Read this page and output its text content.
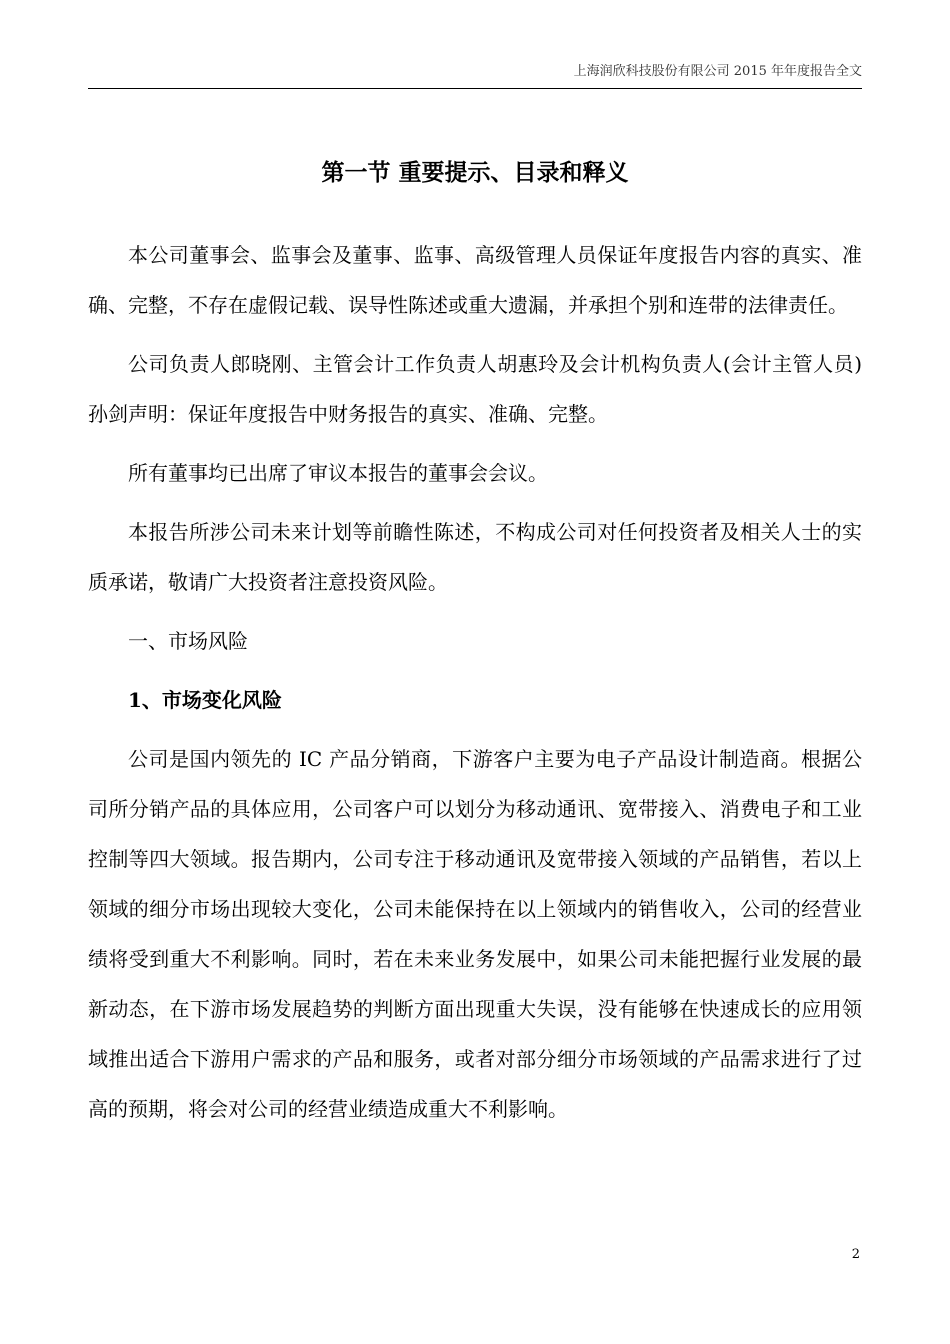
上海润欣科技股份有限公司 2015 年年度报告全文
第一节 重要提示、目录和释义

本公司董事会、监事会及董事、监事、高级管理人员保证年度报告内容的真实、准确、完整，不存在虚假记载、误导性陈述或重大遗漏，并承担个别和连带的法律责任。

公司负责人郎晓刚、主管会计工作负责人胡惠玲及会计机构负责人(会计主管人员)孙剑声明：保证年度报告中财务报告的真实、准确、完整。

所有董事均已出席了审议本报告的董事会会议。

本报告所涉公司未来计划等前瞻性陈述，不构成公司对任何投资者及相关人士的实质承诺，敬请广大投资者注意投资风险。

一、市场风险

1、市场变化风险

公司是国内领先的 IC 产品分销商，下游客户主要为电子产品设计制造商。根据公司所分销产品的具体应用，公司客户可以划分为移动通讯、宽带接入、消费电子和工业控制等四大领域。报告期内，公司专注于移动通讯及宽带接入领域的产品销售，若以上领域的细分市场出现较大变化，公司未能保持在以上领域内的销售收入，公司的经营业绩将受到重大不利影响。同时，若在未来业务发展中，如果公司未能把握行业发展的最新动态，在下游市场发展趋势的判断方面出现重大失误，没有能够在快速成长的应用领域推出适合下游用户需求的产品和服务，或者对部分细分市场领域的产品需求进行了过高的预期，将会对公司的经营业绩造成重大不利影响。

2
